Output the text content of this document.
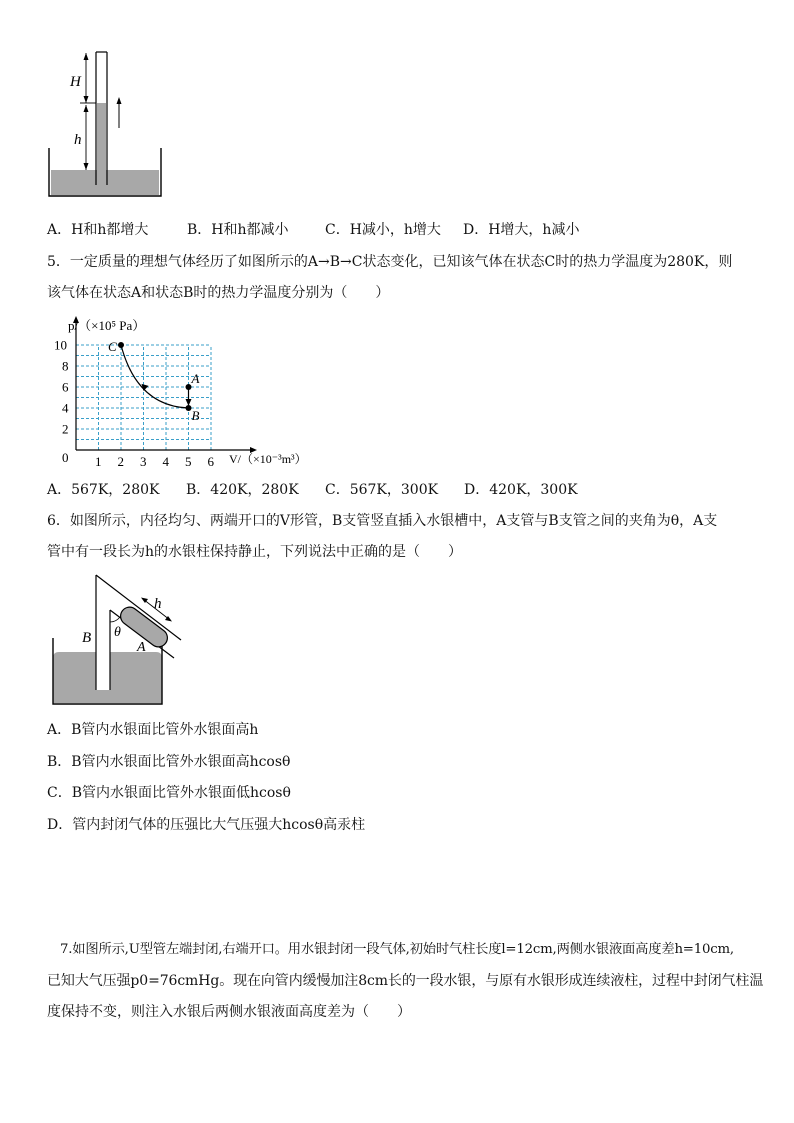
H
h
A．H和h都增大	B．H和h都减小	C．H减小，h增大 D．H增大，h减小
5．一定质量的理想气体经历了如图所示的A→B→C状态变化，已知该气体在状态C时的热力学温度为280K，则
该气体在状态A和状态B时的热力学温度分别为（　　）
1 2 3 4 5 6
2
4
6
8
10
0
p/（×10⁵ Pa）
V/（×10⁻³m³）
A
B
C
A．567K，280K B．420K，280K C．567K，300K D．420K，300K
6．如图所示，内径均匀、两端开口的V形管，B支管竖直插入水银槽中，A支管与B支管之间的夹角为θ，A支
管中有一段长为h的水银柱保持静止，下列说法中正确的是（　　）
h
θ
B
A
A．B管内水银面比管外水银面高h
B．B管内水银面比管外水银面高hcosθ
C．B管内水银面比管外水银面低hcosθ
D．管内封闭气体的压强比大气压强大hcosθ高汞柱
7.如图所示,U型管左端封闭,右端开口。用水银封闭一段气体,初始时气柱长度l=12cm,两侧水银液面高度差h=10cm,
已知大气压强p0=76cmHg。现在向管内缓慢加注8cm长的一段水银，与原有水银形成连续液柱，过程中封闭气柱温
度保持不变，则注入水银后两侧水银液面高度差为（　　）
